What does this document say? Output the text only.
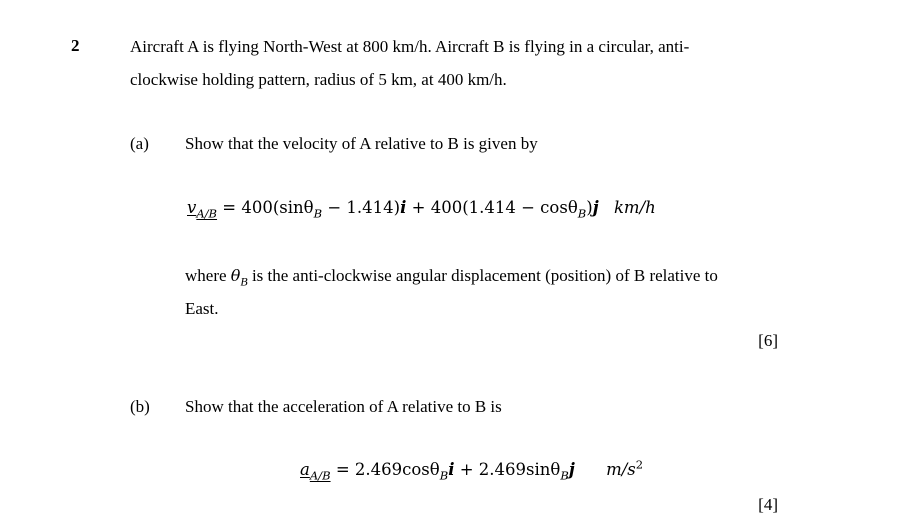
2	Aircraft A is flying North-West at 800 km/h. Aircraft B is flying in a circular, anti-
clockwise holding pattern, radius of 5 km, at 400 km/h.
(a) Show that the velocity of A relative to B is given by
$v_{A/B} = 400(\sin\theta_B - 1.414)i + 400(1.414 - \cos\theta_B)j$ km/h
where $\theta_B$ is the anti-clockwise angular displacement (position) of B relative to
East.
[6]
(b) Show that the acceleration of A relative to B is
$a_{A/B} = 2.469\cos\theta_Bi + 2.469\sin\theta_Bj$ $m/s^2$
[4]
